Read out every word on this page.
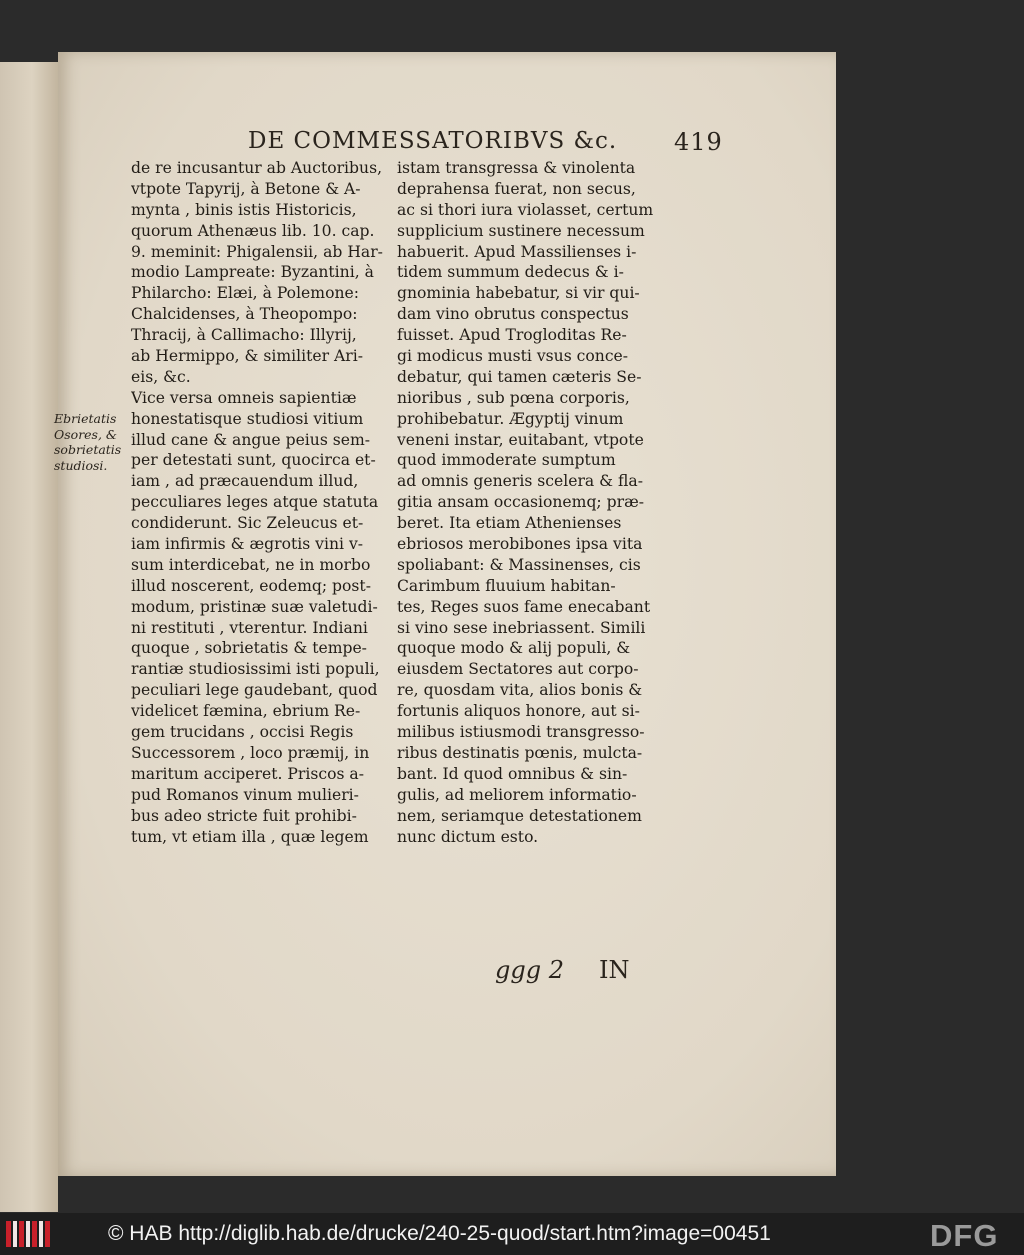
DE COMMESSATORIBVS &c. 419
Ebrietatis
Osores, &
sobrietatis
studiosi.
de re incusantur ab Auctoribus,
vtpote Tapyrij, à Betone & A-
mynta , binis istis Historicis,
quorum Athenæus lib. 10. cap.
9. meminit: Phigalensii, ab Har-
modio Lampreate: Byzantini, à
Philarcho: Elæi, à Polemone:
Chalcidenses, à Theopompo:
Thracij, à Callimacho: Illyrij,
ab Hermippo, & similiter Ari-
eis, &c.
Vice versa omneis sapientiæ
honestatisque studiosi vitium
illud cane & angue peius sem-
per detestati sunt, quocirca et-
iam , ad præcauendum illud,
pecculiares leges atque statuta
condiderunt. Sic Zeleucus et-
iam infirmis & ægrotis vini v-
sum interdicebat, ne in morbo
illud noscerent, eodemq; post-
modum, pristinæ suæ valetudi-
ni restituti , vterentur. Indiani
quoque , sobrietatis & tempe-
rantiæ studiosissimi isti populi,
peculiari lege gaudebant, quod
videlicet fæmina, ebrium Re-
gem trucidans , occisi Regis
Successorem , loco præmij, in
maritum acciperet. Priscos a-
pud Romanos vinum mulieri-
bus adeo stricte fuit prohibi-
tum, vt etiam illa , quæ legem
istam transgressa & vinolenta
deprahensa fuerat, non secus,
ac si thori iura violasset, certum
supplicium sustinere necessum
habuerit. Apud Massilienses i-
tidem summum dedecus & i-
gnominia habebatur, si vir qui-
dam vino obrutus conspectus
fuisset. Apud Trogloditas Re-
gi modicus musti vsus conce-
debatur, qui tamen cæteris Se-
nioribus , sub pœna corporis,
prohibebatur. Ægyptij vinum
veneni instar, euitabant, vtpote
quod immoderate sumptum
ad omnis generis scelera & fla-
gitia ansam occasionemq; præ-
beret. Ita etiam Athenienses
ebriosos merobibones ipsa vita
spoliabant: & Massinenses, cis
Carimbum fluuium habitan-
tes, Reges suos fame enecabant
si vino sese inebriassent. Simili
quoque modo & alij populi, &
eiusdem Sectatores aut corpo-
re, quosdam vita, alios bonis &
fortunis aliquos honore, aut si-
milibus istiusmodi transgresso-
ribus destinatis pœnis, mulcta-
bant. Id quod omnibus & sin-
gulis, ad meliorem informatio-
nem, seriamque detestationem
nunc dictum esto.
ggg 2 IN
© HAB http://diglib.hab.de/drucke/240-25-quod/start.htm?image=00451	DFG
